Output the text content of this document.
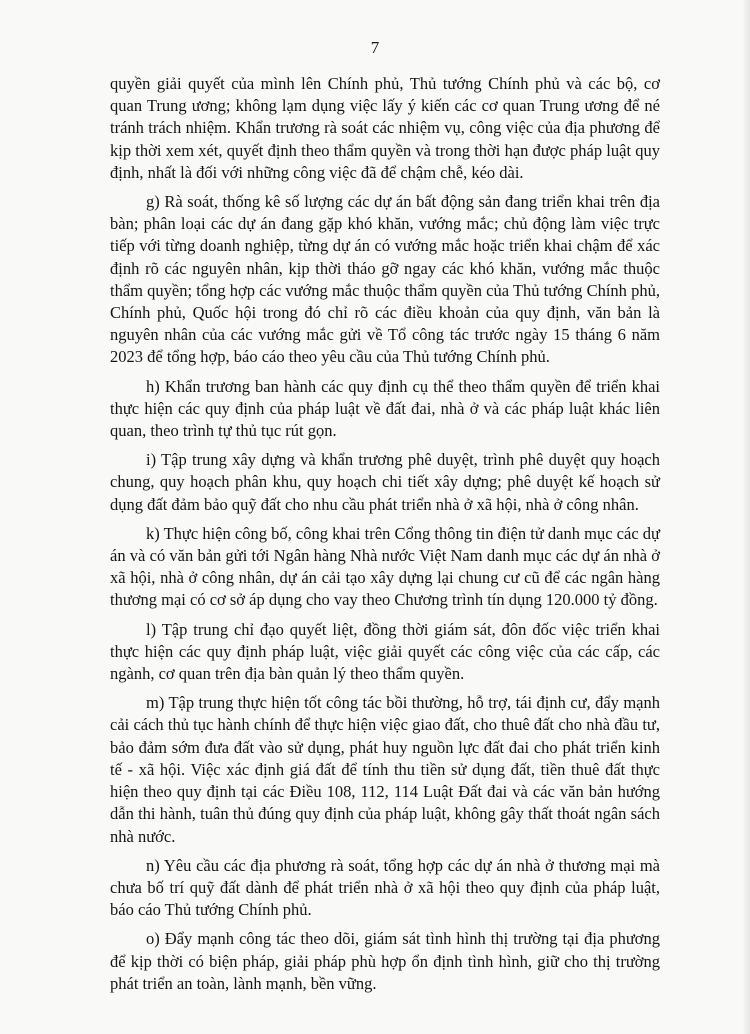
7

quyền giải quyết của mình lên Chính phủ, Thủ tướng Chính phủ và các bộ, cơ quan Trung ương; không lạm dụng việc lấy ý kiến các cơ quan Trung ương để né tránh trách nhiệm. Khẩn trương rà soát các nhiệm vụ, công việc của địa phương để kịp thời xem xét, quyết định theo thẩm quyền và trong thời hạn được pháp luật quy định, nhất là đối với những công việc đã để chậm chễ, kéo dài.

g) Rà soát, thống kê số lượng các dự án bất động sản đang triển khai trên địa bàn; phân loại các dự án đang gặp khó khăn, vướng mắc; chủ động làm việc trực tiếp với từng doanh nghiệp, từng dự án có vướng mắc hoặc triển khai chậm để xác định rõ các nguyên nhân, kịp thời tháo gỡ ngay các khó khăn, vướng mắc thuộc thẩm quyền; tổng hợp các vướng mắc thuộc thẩm quyền của Thủ tướng Chính phủ, Chính phủ, Quốc hội trong đó chỉ rõ các điều khoản của quy định, văn bản là nguyên nhân của các vướng mắc gửi về Tổ công tác trước ngày 15 tháng 6 năm 2023 để tổng hợp, báo cáo theo yêu cầu của Thủ tướng Chính phủ.

h) Khẩn trương ban hành các quy định cụ thể theo thẩm quyền để triển khai thực hiện các quy định của pháp luật về đất đai, nhà ở và các pháp luật khác liên quan, theo trình tự thủ tục rút gọn.

i) Tập trung xây dựng và khẩn trương phê duyệt, trình phê duyệt quy hoạch chung, quy hoạch phân khu, quy hoạch chi tiết xây dựng; phê duyệt kế hoạch sử dụng đất đảm bảo quỹ đất cho nhu cầu phát triển nhà ở xã hội, nhà ở công nhân.

k) Thực hiện công bố, công khai trên Cổng thông tin điện tử danh mục các dự án và có văn bản gửi tới Ngân hàng Nhà nước Việt Nam danh mục các dự án nhà ở xã hội, nhà ở công nhân, dự án cải tạo xây dựng lại chung cư cũ để các ngân hàng thương mại có cơ sở áp dụng cho vay theo Chương trình tín dụng 120.000 tỷ đồng.

l) Tập trung chỉ đạo quyết liệt, đồng thời giám sát, đôn đốc việc triển khai thực hiện các quy định pháp luật, việc giải quyết các công việc của các cấp, các ngành, cơ quan trên địa bàn quản lý theo thẩm quyền.

m) Tập trung thực hiện tốt công tác bồi thường, hỗ trợ, tái định cư, đẩy mạnh cải cách thủ tục hành chính để thực hiện việc giao đất, cho thuê đất cho nhà đầu tư, bảo đảm sớm đưa đất vào sử dụng, phát huy nguồn lực đất đai cho phát triển kinh tế - xã hội. Việc xác định giá đất để tính thu tiền sử dụng đất, tiền thuê đất thực hiện theo quy định tại các Điều 108, 112, 114 Luật Đất đai và các văn bản hướng dẫn thi hành, tuân thủ đúng quy định của pháp luật, không gây thất thoát ngân sách nhà nước.

n) Yêu cầu các địa phương rà soát, tổng hợp các dự án nhà ở thương mại mà chưa bố trí quỹ đất dành để phát triển nhà ở xã hội theo quy định của pháp luật, báo cáo Thủ tướng Chính phủ.

o) Đẩy mạnh công tác theo dõi, giám sát tình hình thị trường tại địa phương để kịp thời có biện pháp, giải pháp phù hợp ổn định tình hình, giữ cho thị trường phát triển an toàn, lành mạnh, bền vững.
